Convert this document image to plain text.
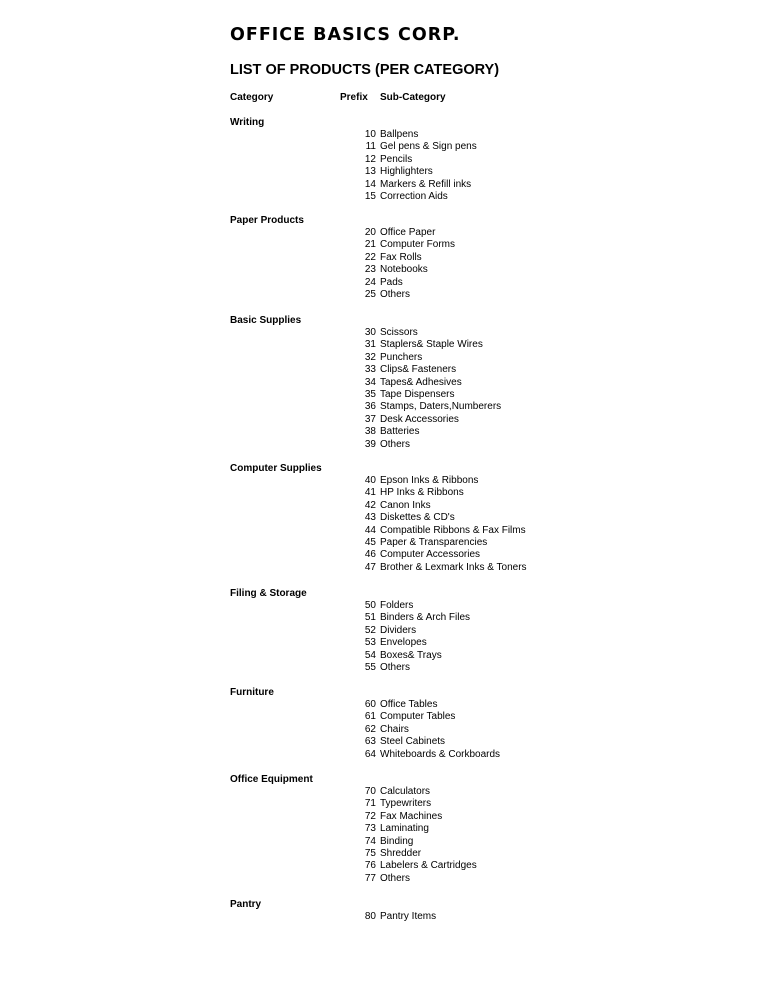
OFFICE BASICS CORP.
LIST OF PRODUCTS (PER CATEGORY)
Category	Prefix Sub-Category
Writing
10 Ballpens
11 Gel pens & Sign pens
12 Pencils
13 Highlighters
14 Markers & Refill inks
15 Correction Aids
Paper Products
20 Office Paper
21 Computer Forms
22 Fax Rolls
23 Notebooks
24 Pads
25 Others
Basic Supplies
30 Scissors
31 Staplers& Staple Wires
32 Punchers
33 Clips& Fasteners
34 Tapes& Adhesives
35 Tape Dispensers
36 Stamps, Daters,Numberers
37 Desk Accessories
38 Batteries
39 Others
Computer Supplies
40 Epson Inks & Ribbons
41 HP Inks & Ribbons
42 Canon Inks
43 Diskettes & CD's
44 Compatible Ribbons & Fax Films
45 Paper & Transparencies
46 Computer Accessories
47 Brother & Lexmark Inks & Toners
Filing & Storage
50 Folders
51 Binders & Arch Files
52 Dividers
53 Envelopes
54 Boxes& Trays
55 Others
Furniture
60 Office Tables
61 Computer Tables
62 Chairs
63 Steel Cabinets
64 Whiteboards & Corkboards
Office Equipment
70 Calculators
71 Typewriters
72 Fax Machines
73 Laminating
74 Binding
75 Shredder
76 Labelers & Cartridges
77 Others
Pantry
80 Pantry Items
